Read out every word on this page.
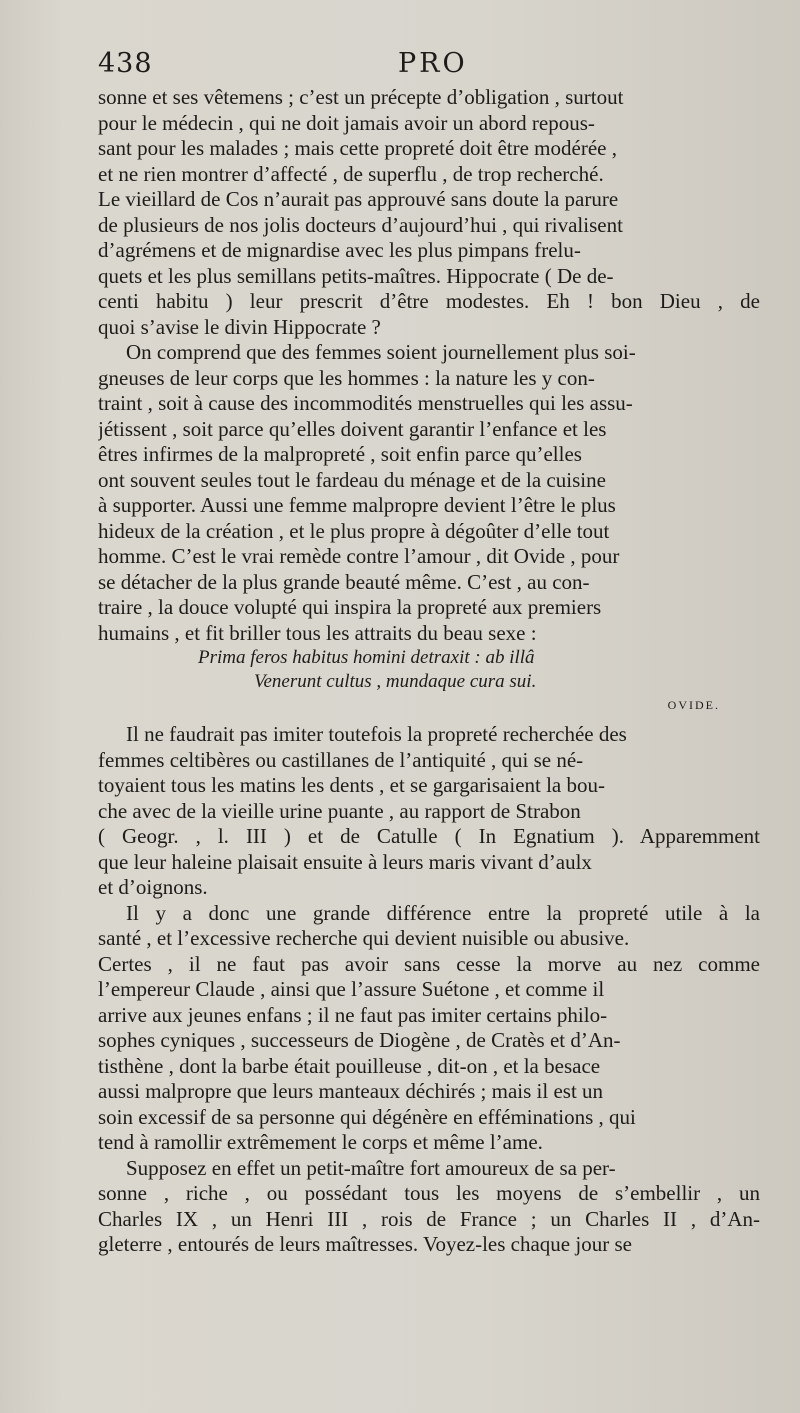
438	PRO
sonne et ses vêtemens ; c’est un précepte d’obligation , surtout
pour le médecin , qui ne doit jamais avoir un abord repous-
sant pour les malades ; mais cette propreté doit être modérée ,
et ne rien montrer d’affecté , de superflu , de trop recherché.
Le vieillard de Cos n’aurait pas approuvé sans doute la parure
de plusieurs de nos jolis docteurs d’aujourd’hui , qui rivalisent
d’agrémens et de mignardise avec les plus pimpans frelu-
quets et les plus semillans petits-maîtres. Hippocrate ( De de-
centi habitu ) leur prescrit d’être modestes. Eh ! bon Dieu , de
quoi s’avise le divin Hippocrate ?
On comprend que des femmes soient journellement plus soi-
gneuses de leur corps que les hommes : la nature les y con-
traint , soit à cause des incommodités menstruelles qui les assu-
jétissent , soit parce qu’elles doivent garantir l’enfance et les
êtres infirmes de la malpropreté , soit enfin parce qu’elles
ont souvent seules tout le fardeau du ménage et de la cuisine
à supporter. Aussi une femme malpropre devient l’être le plus
hideux de la création , et le plus propre à dégoûter d’elle tout
homme. C’est le vrai remède contre l’amour , dit Ovide , pour
se détacher de la plus grande beauté même. C’est , au con-
traire , la douce volupté qui inspira la propreté aux premiers
humains , et fit briller tous les attraits du beau sexe :
Prima feros habitus homini detraxit : ab illâ
Venerunt cultus , mundaque cura sui.
OVIDE.
Il ne faudrait pas imiter toutefois la propreté recherchée des
femmes celtibères ou castillanes de l’antiquité , qui se né-
toyaient tous les matins les dents , et se gargarisaient la bou-
che avec de la vieille urine puante , au rapport de Strabon
( Geogr. , l. III ) et de Catulle ( In Egnatium ). Apparemment
que leur haleine plaisait ensuite à leurs maris vivant d’aulx
et d’oignons.
Il y a donc une grande différence entre la propreté utile à la
santé , et l’excessive recherche qui devient nuisible ou abusive.
Certes , il ne faut pas avoir sans cesse la morve au nez comme
l’empereur Claude , ainsi que l’assure Suétone , et comme il
arrive aux jeunes enfans ; il ne faut pas imiter certains philo-
sophes cyniques , successeurs de Diogène , de Cratès et d’An-
tisthène , dont la barbe était pouilleuse , dit-on , et la besace
aussi malpropre que leurs manteaux déchirés ; mais il est un
soin excessif de sa personne qui dégénère en efféminations , qui
tend à ramollir extrêmement le corps et même l’ame.
Supposez en effet un petit-maître fort amoureux de sa per-
sonne , riche , ou possédant tous les moyens de s’embellir , un
Charles IX , un Henri III , rois de France ; un Charles II , d’An-
gleterre , entourés de leurs maîtresses. Voyez-les chaque jour se
